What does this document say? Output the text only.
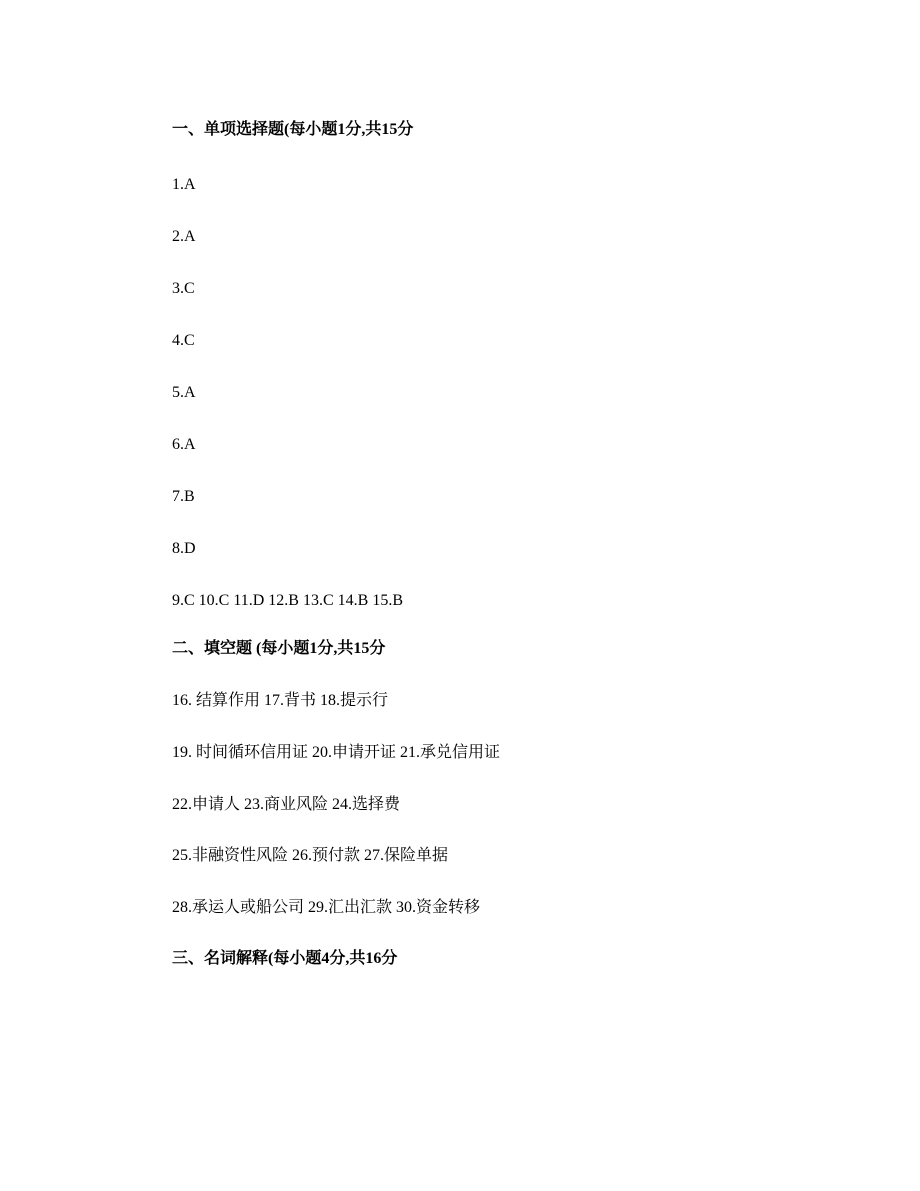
一、单项选择题(每小题1分,共15分
1.A
2.A
3.C
4.C
5.A
6.A
7.B
8.D
9.C 10.C 11.D 12.B 13.C 14.B 15.B
二、填空题 (每小题1分,共15分
16. 结算作用 17.背书 18.提示行
19. 时间循环信用证 20.申请开证 21.承兑信用证
22.申请人 23.商业风险 24.选择费
25.非融资性风险 26.预付款 27.保险单据
28.承运人或船公司 29.汇出汇款 30.资金转移
三、名词解释(每小题4分,共16分
